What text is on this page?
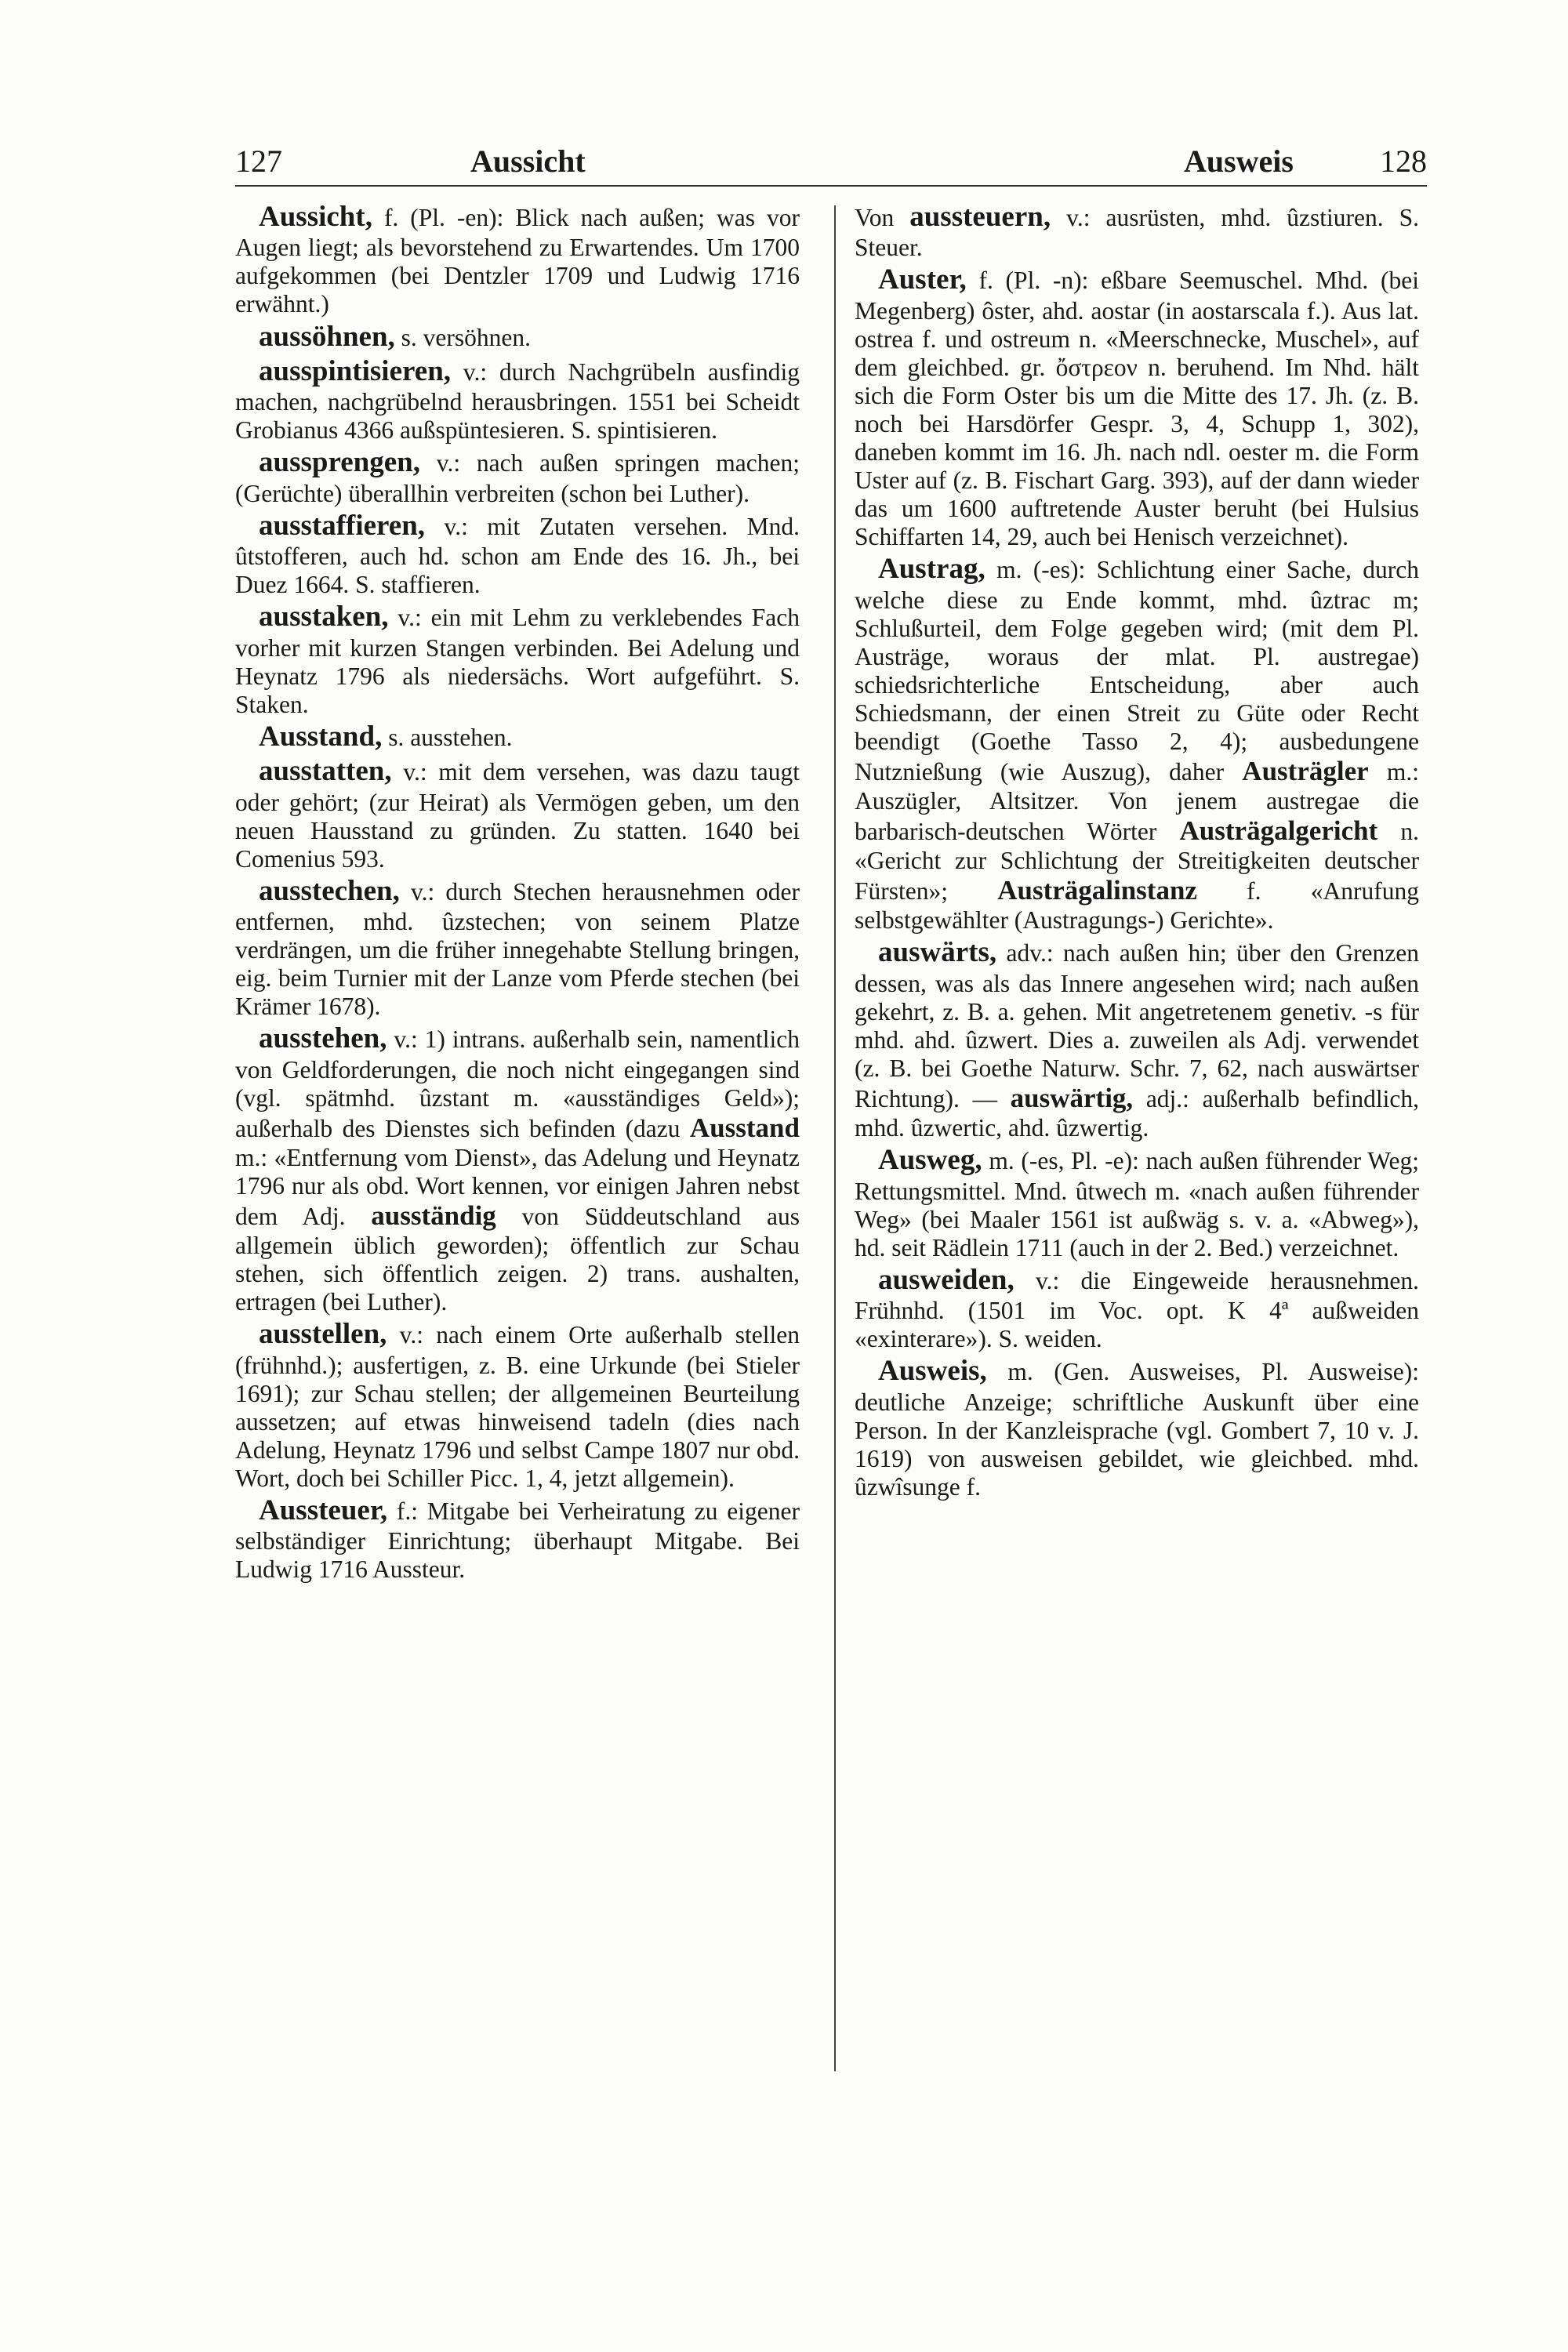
127	Aussicht	Ausweis	128

Aussicht, f. (Pl. -en): Blick nach außen; was vor Augen liegt; als bevorstehend zu Erwartendes. Um 1700 aufgekommen (bei Dentzler 1709 und Ludwig 1716 erwähnt.)

aussöhnen, s. versöhnen.

ausspintisieren, v.: durch Nachgrübeln ausfindig machen, nachgrübelnd herausbringen. 1551 bei Scheidt Grobianus 4366 außspüntesieren. S. spintisieren.

aussprengen, v.: nach außen springen machen; (Gerüchte) überallhin verbreiten (schon bei Luther).

ausstaffieren, v.: mit Zutaten versehen. Mnd. ûtstofferen, auch hd. schon am Ende des 16. Jh., bei Duez 1664. S. staffieren.

ausstaken, v.: ein mit Lehm zu verklebendes Fach vorher mit kurzen Stangen verbinden. Bei Adelung und Heynatz 1796 als niedersächs. Wort aufgeführt. S. Staken.

Ausstand, s. ausstehen.

ausstatten, v.: mit dem versehen, was dazu taugt oder gehört; (zur Heirat) als Vermögen geben, um den neuen Hausstand zu gründen. Zu statten. 1640 bei Comenius 593.

ausstechen, v.: durch Stechen herausnehmen oder entfernen, mhd. ûzstechen; von seinem Platze verdrängen, um die früher innegehabte Stellung bringen, eig. beim Turnier mit der Lanze vom Pferde stechen (bei Krämer 1678).

ausstehen, v.: 1) intrans. außerhalb sein, namentlich von Geldforderungen, die noch nicht eingegangen sind (vgl. spätmhd. ûzstant m. «ausständiges Geld»); außerhalb des Dienstes sich befinden (dazu Ausstand m.: «Entfernung vom Dienst», das Adelung und Heynatz 1796 nur als obd. Wort kennen, vor einigen Jahren nebst dem Adj. ausständig von Süddeutschland aus allgemein üblich geworden); öffentlich zur Schau stehen, sich öffentlich zeigen. 2) trans. aushalten, ertragen (bei Luther).

ausstellen, v.: nach einem Orte außerhalb stellen (frühnhd.); ausfertigen, z. B. eine Urkunde (bei Stieler 1691); zur Schau stellen; der allgemeinen Beurteilung aussetzen; auf etwas hinweisend tadeln (dies nach Adelung, Heynatz 1796 und selbst Campe 1807 nur obd. Wort, doch bei Schiller Picc. 1, 4, jetzt allgemein).

Aussteuer, f.: Mitgabe bei Verheiratung zu eigener selbständiger Einrichtung; überhaupt Mitgabe. Bei Ludwig 1716 Aussteur.

Von aussteuern, v.: ausrüsten, mhd. ûzstiuren. S. Steuer.

Auster, f. (Pl. -n): eßbare Seemuschel. Mhd. (bei Megenberg) ôster, ahd. aostar (in aostarscala f.). Aus lat. ostrea f. und ostreum n. «Meerschnecke, Muschel», auf dem gleichbed. gr. ὄστρεον n. beruhend. Im Nhd. hält sich die Form Oster bis um die Mitte des 17. Jh. (z. B. noch bei Harsdörfer Gespr. 3, 4, Schupp 1, 302), daneben kommt im 16. Jh. nach ndl. oester m. die Form Uster auf (z. B. Fischart Garg. 393), auf der dann wieder das um 1600 auftretende Auster beruht (bei Hulsius Schiffarten 14, 29, auch bei Henisch verzeichnet).

Austrag, m. (-es): Schlichtung einer Sache, durch welche diese zu Ende kommt, mhd. ûztrac m; Schlußurteil, dem Folge gegeben wird; (mit dem Pl. Austräge, woraus der mlat. Pl. austregae) schiedsrichterliche Entscheidung, aber auch Schiedsmann, der einen Streit zu Güte oder Recht beendigt (Goethe Tasso 2, 4); ausbedungene Nutznießung (wie Auszug), daher Austrägler m.: Auszügler, Altsitzer. Von jenem austregae die barbarisch-deutschen Wörter Austrägalgericht n. «Gericht zur Schlichtung der Streitigkeiten deutscher Fürsten»; Austrägalinstanz f. «Anrufung selbstgewählter (Austragungs-) Gerichte».

auswärts, adv.: nach außen hin; über den Grenzen dessen, was als das Innere angesehen wird; nach außen gekehrt, z. B. a. gehen. Mit angetretenem genetiv. -s für mhd. ahd. ûzwert. Dies a. zuweilen als Adj. verwendet (z. B. bei Goethe Naturw. Schr. 7, 62, nach auswärtser Richtung). — auswärtig, adj.: außerhalb befindlich, mhd. ûzwertic, ahd. ûzwertig.

Ausweg, m. (-es, Pl. -e): nach außen führender Weg; Rettungsmittel. Mnd. ûtwech m. «nach außen führender Weg» (bei Maaler 1561 ist außwäg s. v. a. «Abweg»), hd. seit Rädlein 1711 (auch in der 2. Bed.) verzeichnet.

ausweiden, v.: die Eingeweide herausnehmen. Frühnhd. (1501 im Voc. opt. K 4ª außweiden «exinterare»). S. weiden.

Ausweis, m. (Gen. Ausweises, Pl. Ausweise): deutliche Anzeige; schriftliche Auskunft über eine Person. In der Kanzleisprache (vgl. Gombert 7, 10 v. J. 1619) von ausweisen gebildet, wie gleichbed. mhd. ûzwîsunge f.
